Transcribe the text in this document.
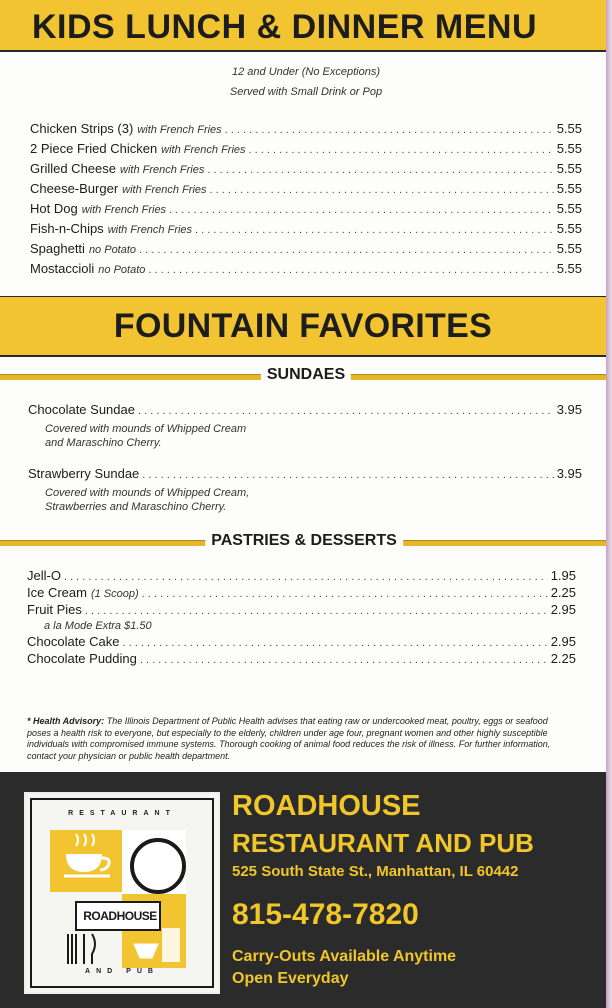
KIDS LUNCH & DINNER MENU
12 and Under (No Exceptions)
Served with Small Drink or Pop
Chicken Strips (3) with French Fries . . .	5.55
2 Piece Fried Chicken with French Fries . . .	5.55
Grilled Cheese with French Fries . . .	5.55
Cheese-Burger with French Fries . . .	5.55
Hot Dog with French Fries . . .	5.55
Fish-n-Chips with French Fries . . .	5.55
Spaghetti no Potato . . .	5.55
Mostaccioli no Potato . . .	5.55
FOUNTAIN FAVORITES
SUNDAES
Chocolate Sundae . . .	3.95
Covered with mounds of Whipped Cream
and Maraschino Cherry.
Strawberry Sundae . . .	3.95
Covered with mounds of Whipped Cream,
Strawberries and Maraschino Cherry.
PASTRIES & DESSERTS
Jell-O . . .	1.95
Ice Cream (1 Scoop) . . .	2.25
Fruit Pies . . .	2.95
a la Mode Extra $1.50
Chocolate Cake . . .	2.95
Chocolate Pudding . . .	2.25
* Health Advisory: The Illinois Department of Public Health advises that eating raw or undercooked meat, poultry, eggs or seafood poses a health risk to everyone, but especially to the elderly, children under age four, pregnant women and other highly susceptible individuals with compromised immune systems. Thorough cooking of animal food reduces the risk of illness. For further information, contact your physician or public health department.
RESTAURANT
ROADHOUSE
AND PUB
ROADHOUSE
RESTAURANT AND PUB
525 South State St., Manhattan, IL 60442
815-478-7820
Carry-Outs Available Anytime
Open Everyday
